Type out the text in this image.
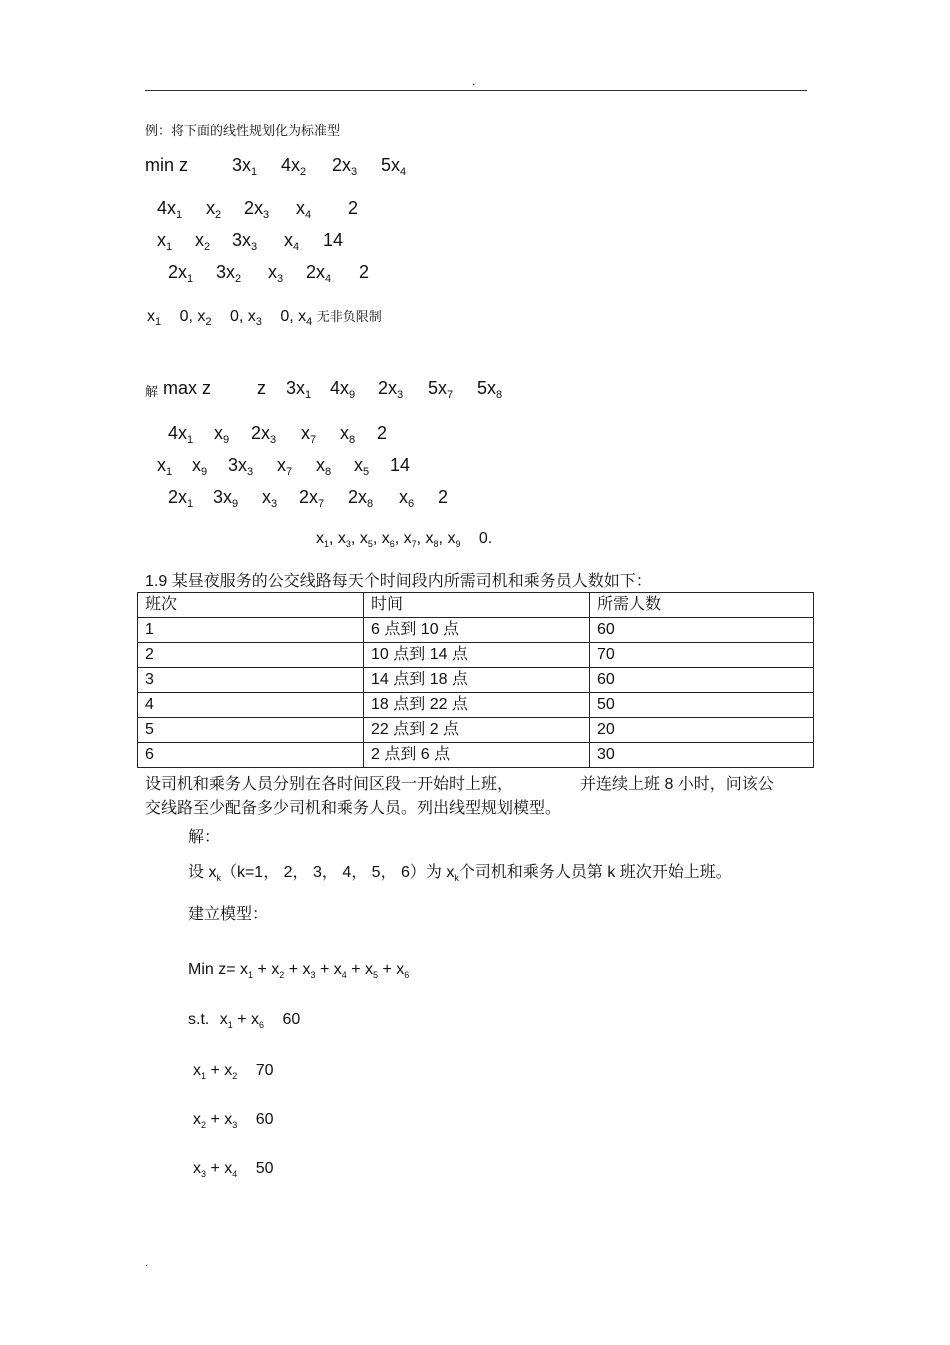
.
.
例：将下面的线性规划化为标准型
min z $3x_1$ $4x_2$ $2x_3$ $5x_4$
$4x_1$ $x_2$ $2x_3$ $x_4$ 2
$x_1$ $x_2$ $3x_3$ $x_4$ 14
$2x_1$ $3x_2$ $x_3$ $2x_4$ 2
$x_1$ 0, $x_2$ 0, $x_3$ 0, $x_4$ 无非负限制
解 max z	z $3x_1$ $4x_9$ $2x_3$ $5x_7$ $5x_8$
$4x_1$ $x_9$ $2x_3$ $x_7$ $x_8$ 2
$x_1$ $x_9$ $3x_3$ $x_7$ $x_8$ $x_5$ 14
$2x_1$ $3x_9$ $x_3$ $2x_7$ $2x_8$ $x_6$ 2
$x_1$, $x_3$, $x_5$, $x_6$, $x_7$, $x_8$, $x_9$ 0.
1.9 某昼夜服务的公交线路每天个时间段内所需司机和乘务员人数如下：
班次	时间	所需人数
1	6 点到 10 点	60
2	10 点到 14 点	70
3	14 点到 18 点	60
4	18 点到 22 点	50
5	22 点到 2 点	20
6	2 点到 6 点	30
设司机和乘务人员分别在各时间区段一开始时上班，	并连续上班 8 小时，问该公
交线路至少配备多少司机和乘务人员。列出线型规划模型。
解：
设 $x_k(k=1$， 2， 3， 4， 5， 6）为 $x_k$个司机和乘务人员第 k 班次开始上班。
建立模型：
Min $z= x_1 + x_2 + x_3 + x_4 + x_5 + x_6$
s.t. $x_1 + x_6$ 60
$x_1 + x_2$ 70
$x_2 + x_3$ 60
$x_3 + x_4$ 50
